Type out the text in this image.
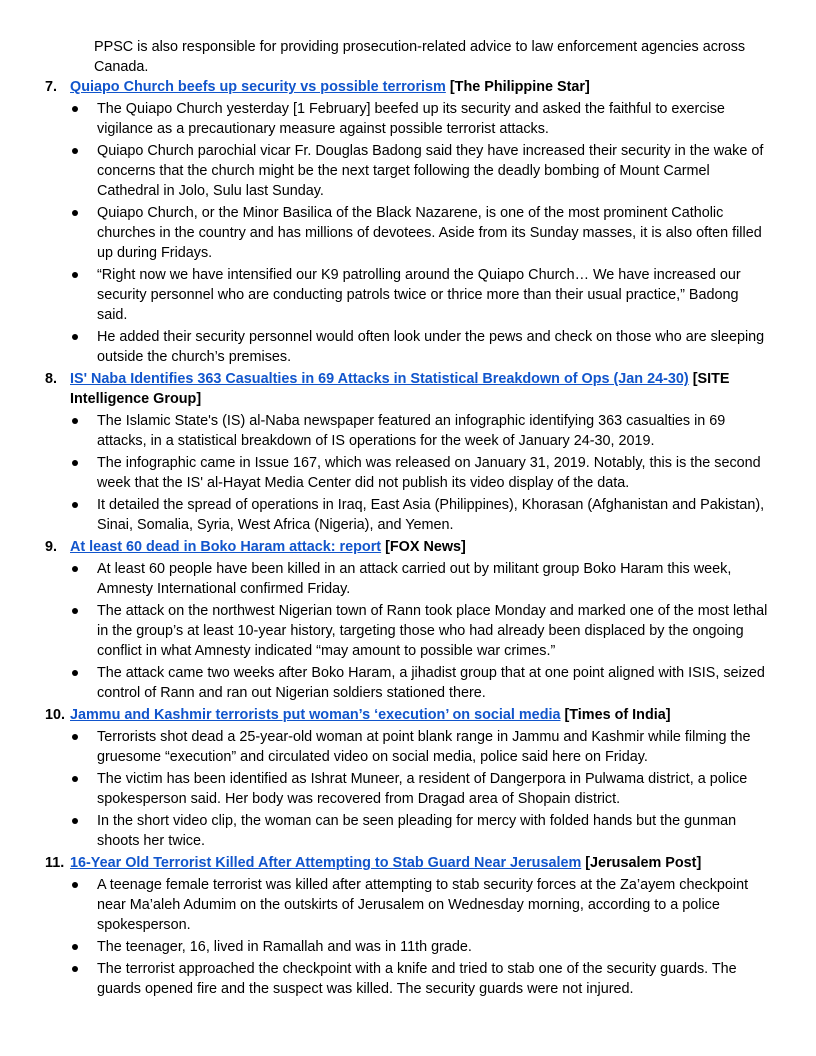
PPSC is also responsible for providing prosecution-related advice to law enforcement agencies across Canada.
7. Quiapo Church beefs up security vs possible terrorism [The Philippine Star]
The Quiapo Church yesterday [1 February] beefed up its security and asked the faithful to exercise vigilance as a precautionary measure against possible terrorist attacks.
Quiapo Church parochial vicar Fr. Douglas Badong said they have increased their security in the wake of concerns that the church might be the next target following the deadly bombing of Mount Carmel Cathedral in Jolo, Sulu last Sunday.
Quiapo Church, or the Minor Basilica of the Black Nazarene, is one of the most prominent Catholic churches in the country and has millions of devotees. Aside from its Sunday masses, it is also often filled up during Fridays.
“Right now we have intensified our K9 patrolling around the Quiapo Church… We have increased our security personnel who are conducting patrols twice or thrice more than their usual practice,” Badong said.
He added their security personnel would often look under the pews and check on those who are sleeping outside the church’s premises.
8. IS' Naba Identifies 363 Casualties in 69 Attacks in Statistical Breakdown of Ops (Jan 24-30) [SITE Intelligence Group]
The Islamic State's (IS) al-Naba newspaper featured an infographic identifying 363 casualties in 69 attacks, in a statistical breakdown of IS operations for the week of January 24-30, 2019.
The infographic came in Issue 167, which was released on January 31, 2019. Notably, this is the second week that the IS' al-Hayat Media Center did not publish its video display of the data.
It detailed the spread of operations in Iraq, East Asia (Philippines), Khorasan (Afghanistan and Pakistan), Sinai, Somalia, Syria, West Africa (Nigeria), and Yemen.
9. At least 60 dead in Boko Haram attack: report [FOX News]
At least 60 people have been killed in an attack carried out by militant group Boko Haram this week, Amnesty International confirmed Friday.
The attack on the northwest Nigerian town of Rann took place Monday and marked one of the most lethal in the group’s at least 10-year history, targeting those who had already been displaced by the ongoing conflict in what Amnesty indicated “may amount to possible war crimes.”
The attack came two weeks after Boko Haram, a jihadist group that at one point aligned with ISIS, seized control of Rann and ran out Nigerian soldiers stationed there.
10. Jammu and Kashmir terrorists put woman’s ‘execution’ on social media [Times of India]
Terrorists shot dead a 25-year-old woman at point blank range in Jammu and Kashmir while filming the gruesome “execution” and circulated video on social media, police said here on Friday.
The victim has been identified as Ishrat Muneer, a resident of Dangerpora in Pulwama district, a police spokesperson said. Her body was recovered from Dragad area of Shopain district.
In the short video clip, the woman can be seen pleading for mercy with folded hands but the gunman shoots her twice.
11. 16-Year Old Terrorist Killed After Attempting to Stab Guard Near Jerusalem [Jerusalem Post]
A teenage female terrorist was killed after attempting to stab security forces at the Za’ayem checkpoint near Ma’aleh Adumim on the outskirts of Jerusalem on Wednesday morning, according to a police spokesperson.
The teenager, 16, lived in Ramallah and was in 11th grade.
The terrorist approached the checkpoint with a knife and tried to stab one of the security guards. The guards opened fire and the suspect was killed. The security guards were not injured.
